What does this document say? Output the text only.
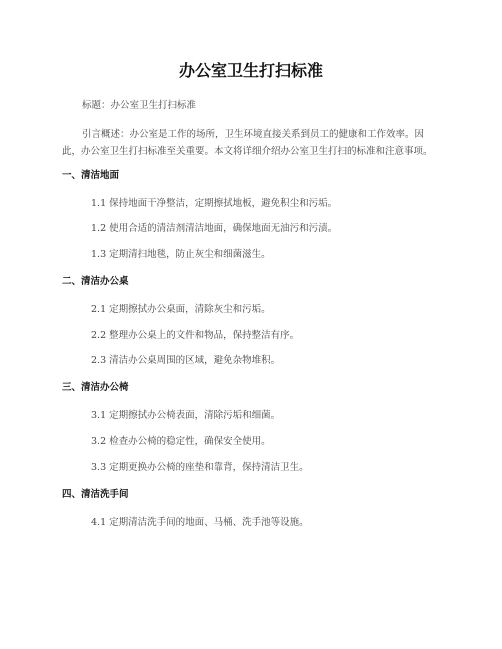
办公室卫生打扫标准

标题：办公室卫生打扫标准

引言概述：办公室是工作的场所，卫生环境直接关系到员工的健康和工作效率。因此，办公室卫生打扫标准至关重要。本文将详细介绍办公室卫生打扫的标准和注意事项。

一、清洁地面

1.1 保持地面干净整洁，定期擦拭地板，避免积尘和污垢。

1.2 使用合适的清洁剂清洁地面，确保地面无油污和污渍。

1.3 定期清扫地毯，防止灰尘和细菌滋生。

二、清洁办公桌

2.1 定期擦拭办公桌面，清除灰尘和污垢。

2.2 整理办公桌上的文件和物品，保持整洁有序。

2.3 清洁办公桌周围的区域，避免杂物堆积。

三、清洁办公椅

3.1 定期擦拭办公椅表面，清除污垢和细菌。

3.2 检查办公椅的稳定性，确保安全使用。

3.3 定期更换办公椅的座垫和靠背，保持清洁卫生。

四、清洁洗手间

4.1 定期清洁洗手间的地面、马桶、洗手池等设施。
